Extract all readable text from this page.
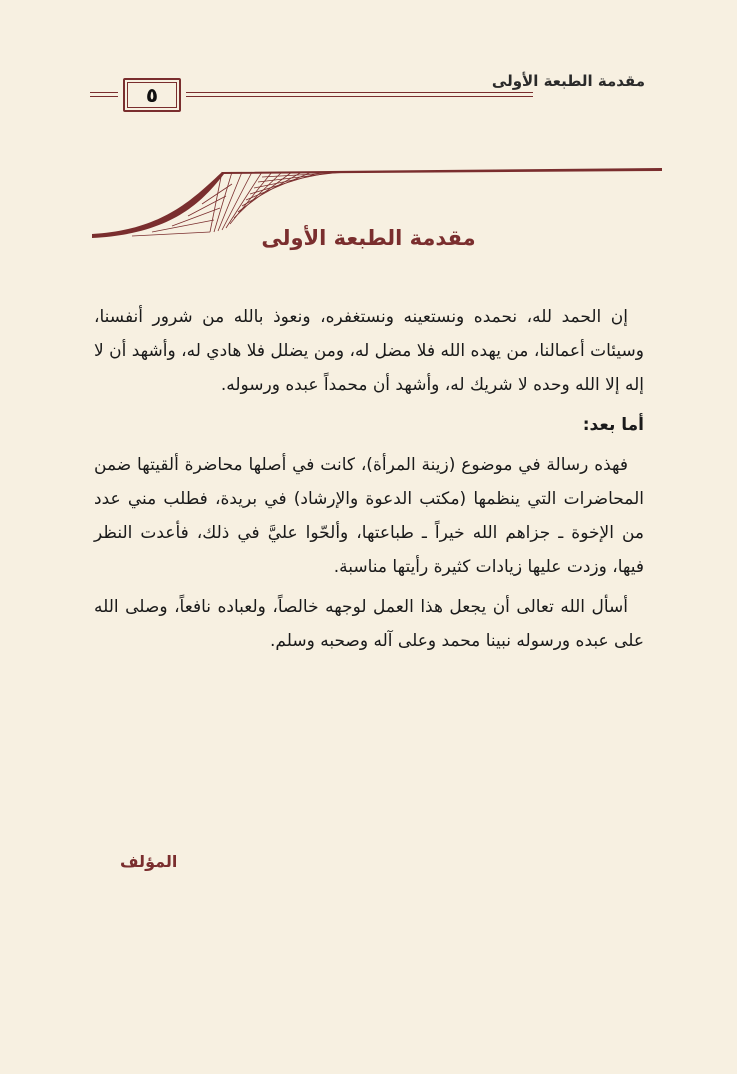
مقدمة الطبعة الأولى
٥
مقدمة الطبعة الأولى

إن الحمد لله، نحمده ونستعينه ونستغفره، ونعوذ بالله من شرور أنفسنا، وسيئات أعمالنا، من يهده الله فلا مضل له، ومن يضلل فلا هادي له، وأشهد أن لا إله إلا الله وحده لا شريك له، وأشهد أن محمداً عبده ورسوله.

أما بعد:

فهذه رسالة في موضوع (زينة المرأة)، كانت في أصلها محاضرة ألقيتها ضمن المحاضرات التي ينظمها (مكتب الدعوة والإرشاد) في بريدة، فطلب مني عدد من الإخوة ـ جزاهم الله خيراً ـ طباعتها، وألحّوا عليَّ في ذلك، فأعدت النظر فيها، وزدت عليها زيادات كثيرة رأيتها مناسبة.

أسأل الله تعالى أن يجعل هذا العمل لوجهه خالصاً، ولعباده نافعاً، وصلى الله على عبده ورسوله نبينا محمد وعلى آله وصحبه وسلم.

المؤلف
